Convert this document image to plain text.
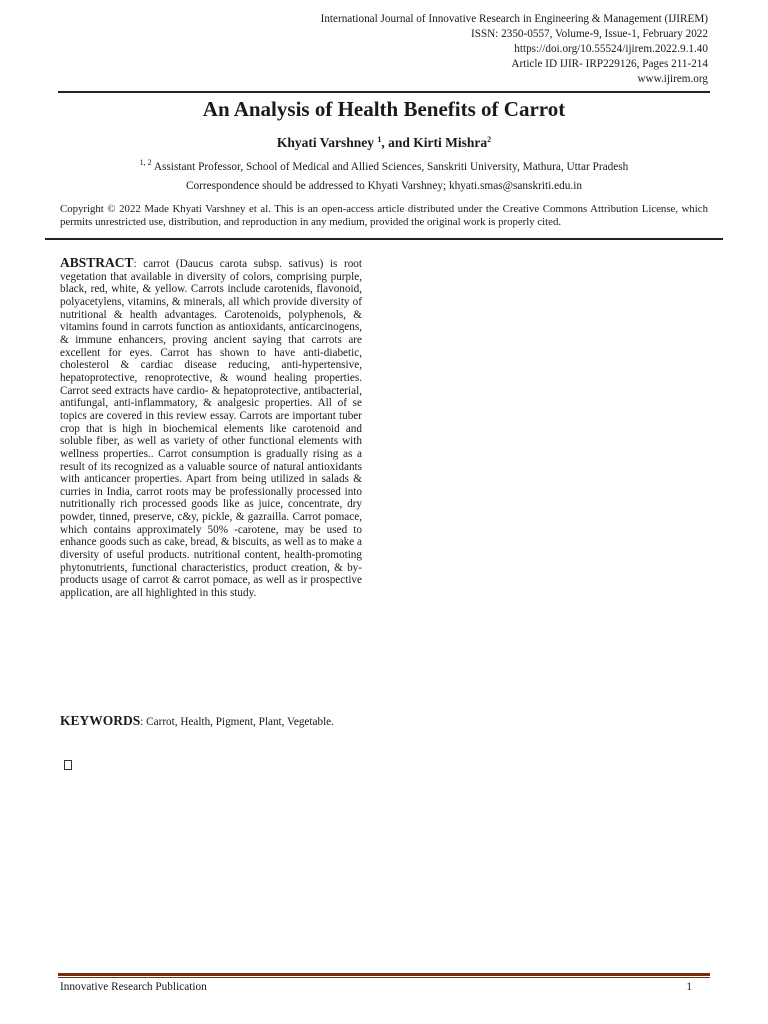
International Journal of Innovative Research in Engineering & Management (IJIREM)
ISSN: 2350-0557, Volume-9, Issue-1, February 2022
https://doi.org/10.55524/ijirem.2022.9.1.40
Article ID IJIR- IRP229126, Pages 211-214
www.ijirem.org
An Analysis of Health Benefits of Carrot
Khyati Varshney $^1$, and Kirti Mishra$^2$
$^{1, 2}$ Assistant Professor, School of Medical and Allied Sciences, Sanskriti University, Mathura, Uttar Pradesh
Correspondence should be addressed to Khyati Varshney; khyati.smas@sanskriti.edu.in
Copyright © 2022 Made Khyati Varshney et al. This is an open-access article distributed under the Creative Commons Attribution License, which permits unrestricted use, distribution, and reproduction in any medium, provided the original work is properly cited.
ABSTRACT: carrot (Daucus carota subsp. sativus) is root vegetation that available in diversity of colors, comprising purple, black, red, white, & yellow. Carrots include carotenids, flavonoid, polyacetylens, vitamins, & minerals, all which provide diversity of nutritional & health advantages. Carotenoids, polyphenols, & vitamins found in carrots function as antioxidants, anticarcinogens, & immune enhancers, proving ancient saying that carrots are excellent for eyes. Carrot has shown to have anti-diabetic, cholesterol & cardiac disease reducing, anti-hypertensive, hepatoprotective, renoprotective, & wound healing properties. Carrot seed extracts have cardio- & hepatoprotective, antibacterial, antifungal, anti-inflammatory, & analgesic properties. All of se topics are covered in this review essay. Carrots are important tuber crop that is high in biochemical elements like carotenoid and soluble fiber, as well as variety of other functional elements with wellness properties.. Carrot consumption is gradually rising as a result of its recognized as a valuable source of natural antioxidants with anticancer properties. Apart from being utilized in salads & curries in India, carrot roots may be professionally processed into nutritionally rich processed goods like as juice, concentrate, dry powder, tinned, preserve, c&y, pickle, & gazrailla. Carrot pomace, which contains approximately 50% -carotene, may be used to enhance goods such as cake, bread, & biscuits, as well as to make a diversity of useful products. nutritional content, health-promoting phytonutrients, functional characteristics, product creation, & by-products usage of carrot & carrot pomace, as well as ir prospective application, are all highlighted in this study.
KEYWORDS: Carrot, Health, Pigment, Plant, Vegetable.
Innovative Research Publication	1
